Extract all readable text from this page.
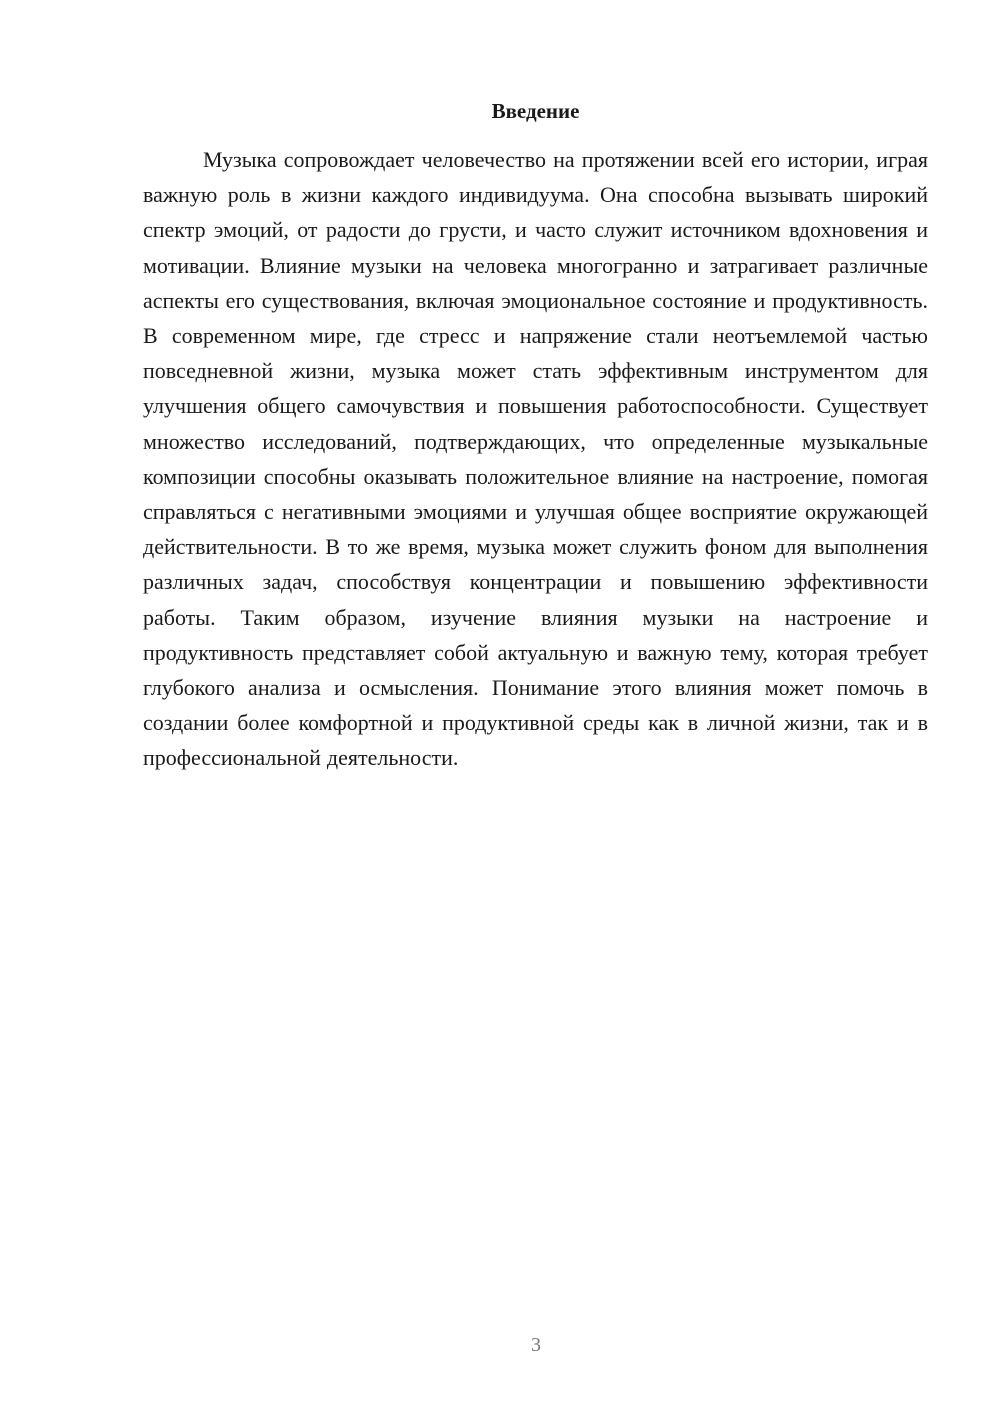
Введение

Музыка сопровождает человечество на протяжении всей его истории, играя важную роль в жизни каждого индивидуума. Она способна вызывать широкий спектр эмоций, от радости до грусти, и часто служит источником вдохновения и мотивации. Влияние музыки на человека многогранно и затрагивает различные аспекты его существования, включая эмоциональное состояние и продуктивность. В современном мире, где стресс и напряжение стали неотъемлемой частью повседневной жизни, музыка может стать эффективным инструментом для улучшения общего самочувствия и повышения работоспособности. Существует множество исследований, подтверждающих, что определенные музыкальные композиции способны оказывать положительное влияние на настроение, помогая справляться с негативными эмоциями и улучшая общее восприятие окружающей действительности. В то же время, музыка может служить фоном для выполнения различных задач, способствуя концентрации и повышению эффективности работы. Таким образом, изучение влияния музыки на настроение и продуктивность представляет собой актуальную и важную тему, которая требует глубокого анализа и осмысления. Понимание этого влияния может помочь в создании более комфортной и продуктивной среды как в личной жизни, так и в профессиональной деятельности.

3
